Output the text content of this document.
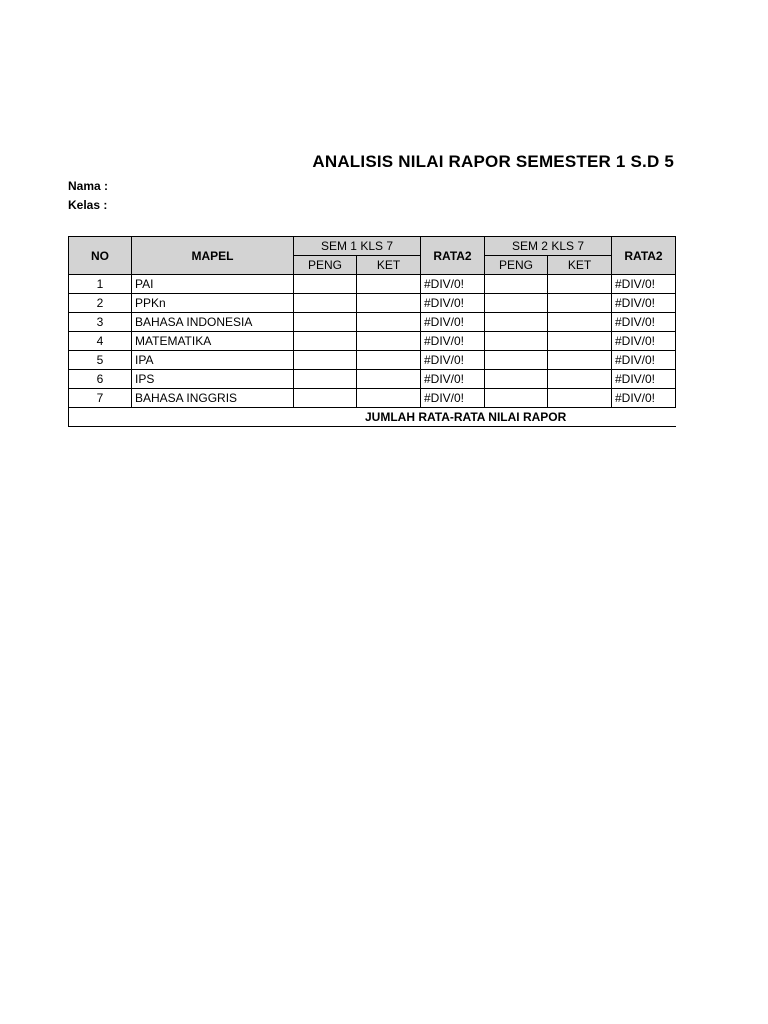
ANALISIS NILAI RAPOR SEMESTER 1 S.D 5
Nama :
Kelas :
NO	MAPEL	SEM 1 KLS 7		RATA2	SEM 2 KLS 7		RATA2
		PENG	KET		PENG	KET	
1	PAI			#DIV/0!			#DIV/0!
2	PPKn			#DIV/0!			#DIV/0!
3	BAHASA INDONESIA			#DIV/0!			#DIV/0!
4	MATEMATIKA			#DIV/0!			#DIV/0!
5	IPA			#DIV/0!			#DIV/0!
6	IPS			#DIV/0!			#DIV/0!
7	BAHASA INGGRIS			#DIV/0!			#DIV/0!
JUMLAH RATA-RATA NILAI RAPOR							
